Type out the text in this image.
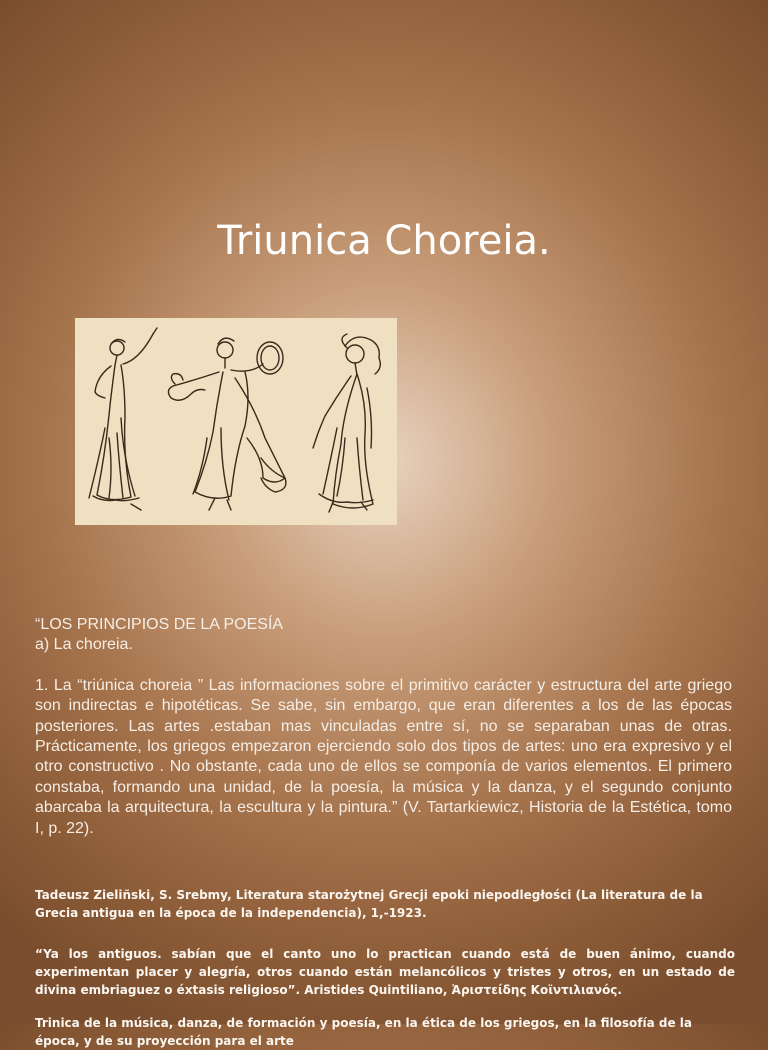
Triunica Choreia.
“LOS PRINCIPIOS DE LA POESÍA
a) La choreia.
1. La “triúnica choreia ” Las informaciones sobre el primitivo carácter y estructura del arte griego son indirectas e hipotéticas. Se sabe, sin embargo, que eran diferentes a los de las épocas posteriores. Las artes .estaban mas vinculadas entre sí, no se separaban unas de otras. Prácticamente, los griegos empezaron ejerciendo solo dos tipos de artes: uno era expresivo y el otro constructivo . No obstante, cada uno de ellos se componía de varios elementos. El primero constaba, formando una unidad, de la poesía, la música y la danza, y el segundo conjunto abarcaba la arquitectura, la escultura y la pintura.” (V. Tartarkiewicz, Historia de la Estética, tomo I, p. 22).
Tadeusz Zieliñski, S. Srebmy, Literatura starożytnej Grecji epoki niepodległości (La literatura de la Grecia antigua en la época de la independencia), 1,-1923.
“Ya los antiguos. sabían que el canto uno lo practican cuando está de buen ánimo, cuando experimentan placer y alegría, otros cuando están melancólicos y tristes y otros, en un estado de divina embriaguez o éxtasis religioso”. Aristides Quintiliano, Ἀριστείδης Κοϊντιλιανός.
Trinica de la música, danza, de formación y poesía, en la ética de los griegos, en la filosofía de la época, y de su proyección para el arte
